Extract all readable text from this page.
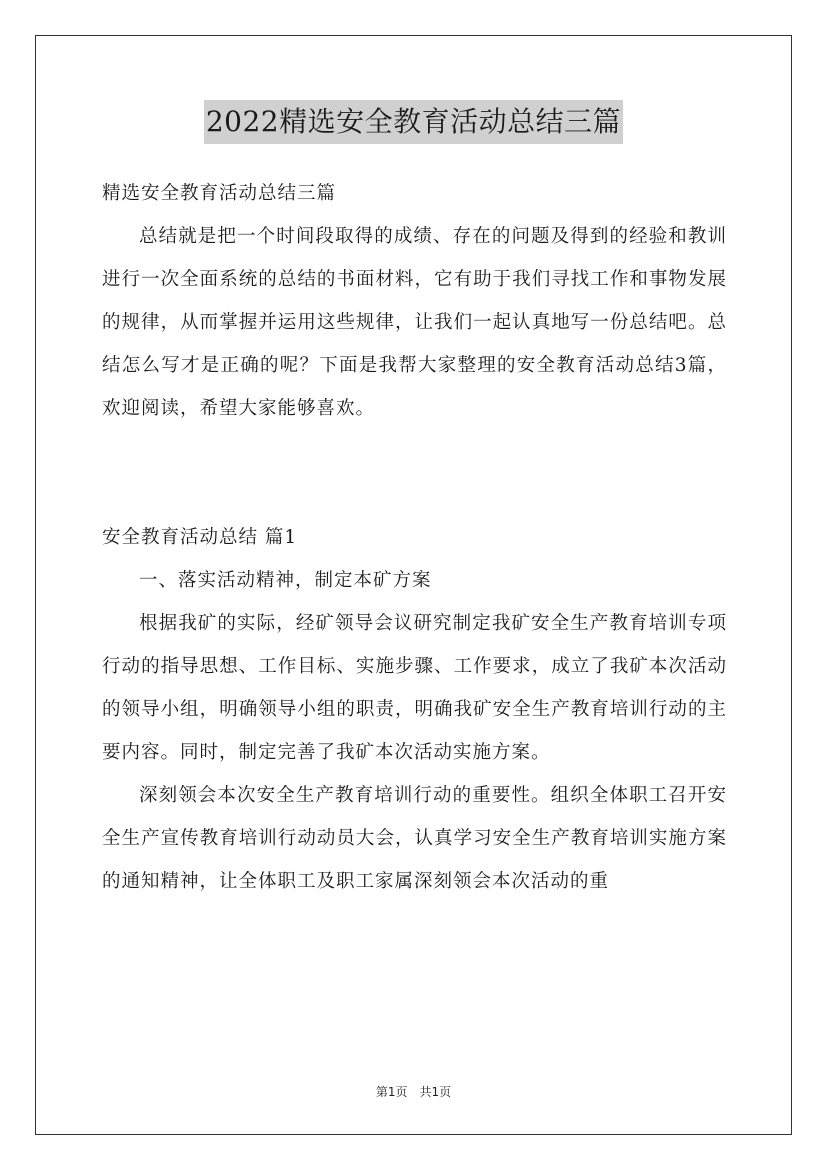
2022精选安全教育活动总结三篇

精选安全教育活动总结三篇

总结就是把一个时间段取得的成绩、存在的问题及得到的经验和教训进行一次全面系统的总结的书面材料，它有助于我们寻找工作和事物发展的规律，从而掌握并运用这些规律，让我们一起认真地写一份总结吧。总结怎么写才是正确的呢？下面是我帮大家整理的安全教育活动总结3篇，欢迎阅读，希望大家能够喜欢。

安全教育活动总结 篇1

一、落实活动精神，制定本矿方案

根据我矿的实际，经矿领导会议研究制定我矿安全生产教育培训专项行动的指导思想、工作目标、实施步骤、工作要求，成立了我矿本次活动的领导小组，明确领导小组的职责，明确我矿安全生产教育培训行动的主要内容。同时，制定完善了我矿本次活动实施方案。

深刻领会本次安全生产教育培训行动的重要性。组织全体职工召开安全生产宣传教育培训行动动员大会，认真学习安全生产教育培训实施方案的通知精神，让全体职工及职工家属深刻领会本次活动的重

第1页　共1页
